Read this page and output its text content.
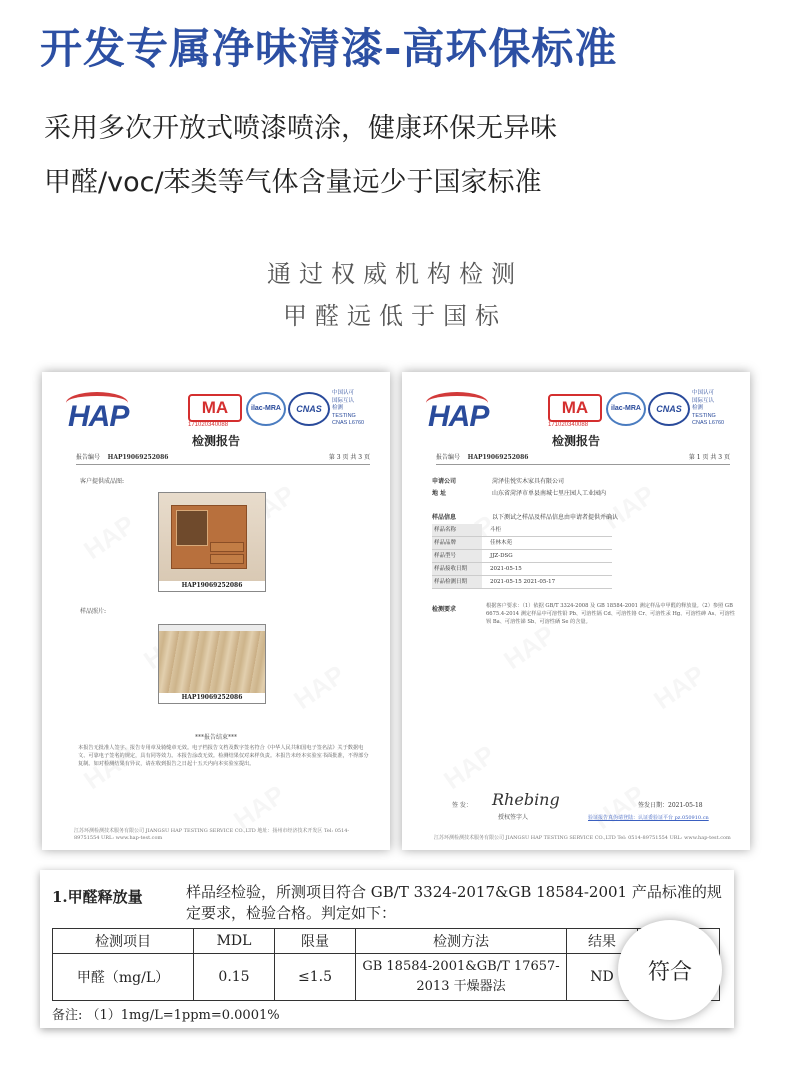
开发专属净味清漆-高环保标准
采用多次开放式喷漆喷涂，健康环保无异味
甲醛/voc/苯类等气体含量远少于国家标准
通过权威机构检测
甲醛远低于国标
HAP	MA
171020340088
ilac-MRA	CNAS
中国认可
国际互认
检测
TESTING
CNAS L6760
检测报告
报告编号 HAP19069252086	第 3 页 共 3 页
客户提供成品图:
HAP19069252086
样品照片:
HAP19069252086
***报告结束***
本报告无批准人签字、报告专用章及骑缝章无效。电子档报告文档及数字签名符合《中华人民共和国电子签名法》关于数据电文、可靠电子签名的规定，具有同等效力。本报告涂改无效。检测结果仅对来样负责。本报告未经本实验室书面批准，不得部分复制。如对检测结果有异议，请在收到报告之日起十五天内向本实验室提出。
江苏环测检测技术服务有限公司 JIANGSU HAP TESTING SERVICE CO.,LTD 地址：扬州市经济技术开发区 Tel: 0514-89751554 URL: www.hap-test.com
HAP	MA
171020340088
ilac-MRA	CNAS
中国认可
国际互认
检测
TESTING
CNAS L6760
检测报告
报告编号 HAP19069252086	第 1 页 共 3 页
申请公司	菏泽佳悦实木家具有限公司
地 址	山东省菏泽市单县南城七里庄园人工业园内
样品信息	以下测试之样品及样品信息由申请者提供并确认
样品名称	斗柜
样品品牌	佳林木苑
样品型号	JJZ-DSG
样品接收日期	2021-05-15
样品检测日期	2021-05-15 2021-05-17
检测要求	根据客户要求：（1）依据 GB/T 3324-2008 及 GB 18584-2001 测定样品中甲醛的释放量。（2）参照 GB 6675.4-2014 测定样品中可溶性铅 Pb、可溶性镉 Cd、可溶性铬 Cr、可溶性汞 Hg、可溶性砷 As、可溶性钡 Ba、可溶性锑 Sb、可溶性硒 Se 的含量。
签 发： Rhebing
授权签字人
签发日期：2021-05-18
验证报告真伪请登陆：认证委验证平台 pz.050910.cn
江苏环测检测技术服务有限公司 JIANGSU HAP TESTING SERVICE CO.,LTD Tel: 0514-89751554 URL: www.hap-test.com
1.甲醛释放量	样品经检验，所测项目符合 GB/T 3324-2017&GB 18584-2001 产品标准的规定要求，检验合格。判定如下：
检测项目	MDL	限量	检测方法	结果	
甲醛（mg/L）	0.15	≤1.5	GB 18584-2001&GB/T 17657-2013 干燥器法	ND	
备注: （1）1mg/L=1ppm=0.0001%
符合
